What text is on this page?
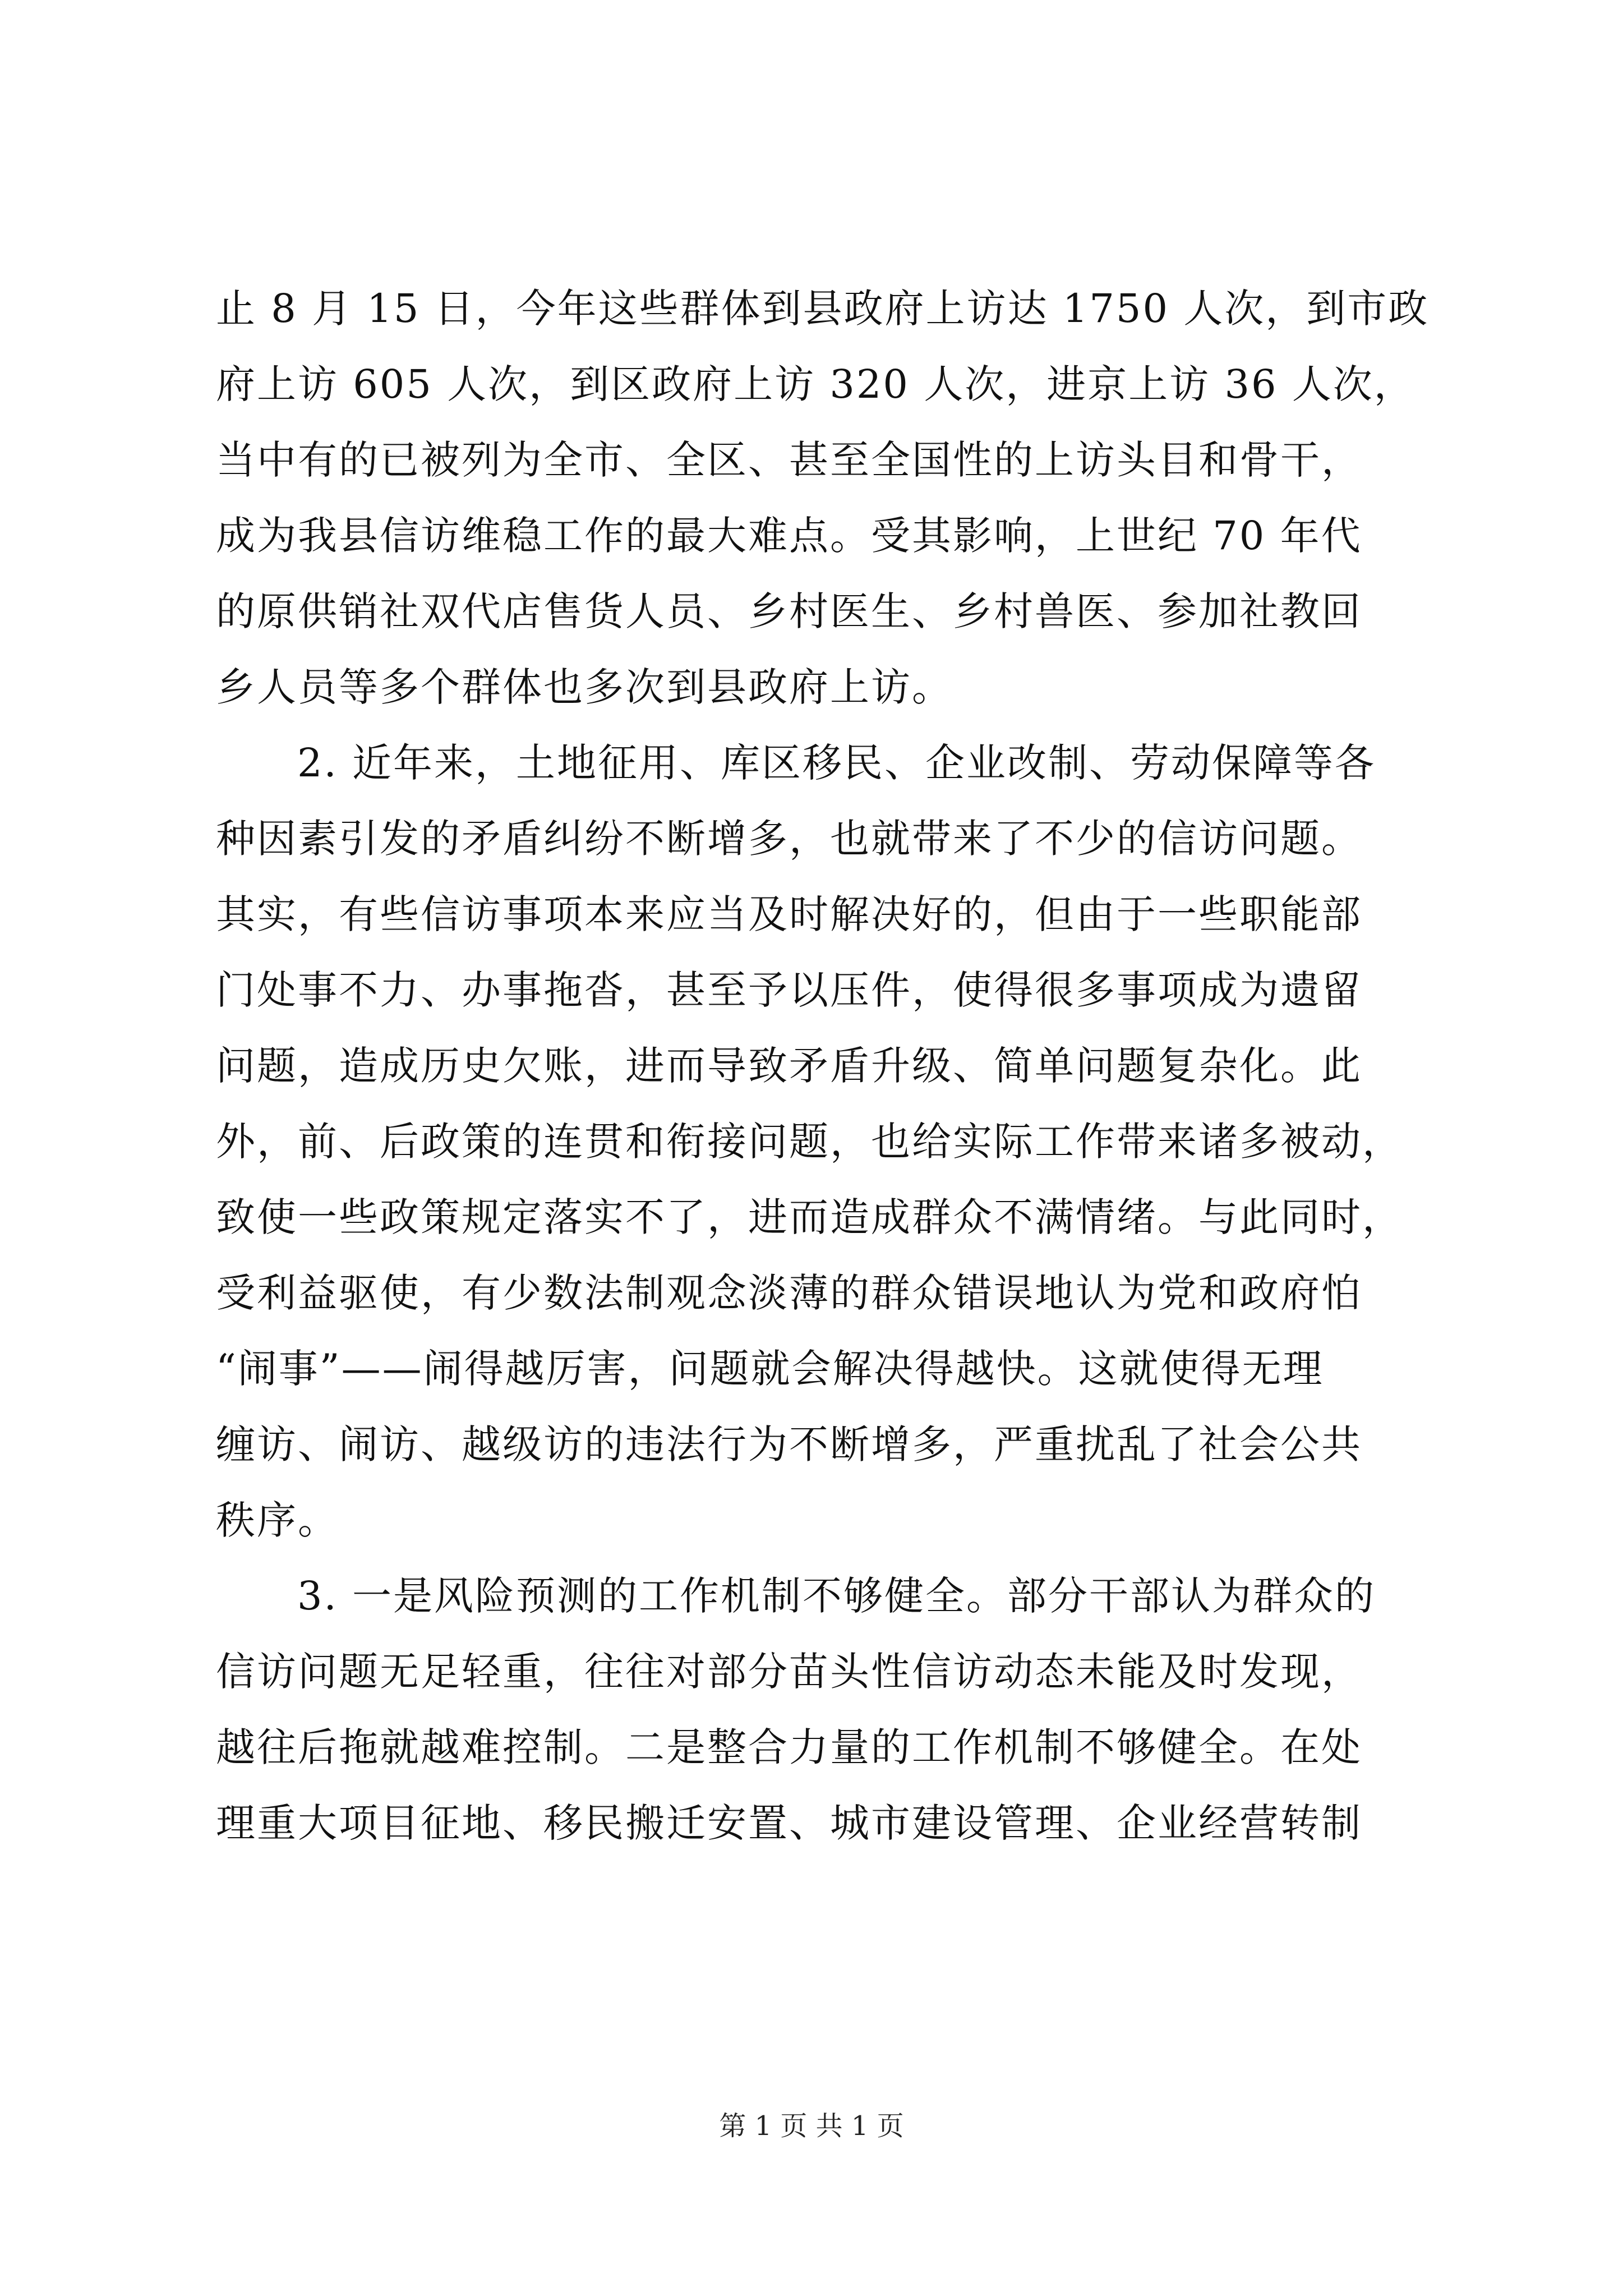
止 8 月 15 日，今年这些群体到县政府上访达 1750 人次，到市政
府上访 605 人次，到区政府上访 320 人次，进京上访 36 人次，
当中有的已被列为全市、全区、甚至全国性的上访头目和骨干，
成为我县信访维稳工作的最大难点。受其影响，上世纪 70 年代
的原供销社双代店售货人员、乡村医生、乡村兽医、参加社教回
乡人员等多个群体也多次到县政府上访。
2. 近年来，土地征用、库区移民、企业改制、劳动保障等各
种因素引发的矛盾纠纷不断增多，也就带来了不少的信访问题。
其实，有些信访事项本来应当及时解决好的，但由于一些职能部
门处事不力、办事拖沓，甚至予以压件，使得很多事项成为遗留
问题，造成历史欠账，进而导致矛盾升级、简单问题复杂化。此
外，前、后政策的连贯和衔接问题，也给实际工作带来诸多被动，
致使一些政策规定落实不了，进而造成群众不满情绪。与此同时，
受利益驱使，有少数法制观念淡薄的群众错误地认为党和政府怕
“闹事”——闹得越厉害，问题就会解决得越快。这就使得无理
缠访、闹访、越级访的违法行为不断增多，严重扰乱了社会公共
秩序。
3. 一是风险预测的工作机制不够健全。部分干部认为群众的
信访问题无足轻重，往往对部分苗头性信访动态未能及时发现，
越往后拖就越难控制。二是整合力量的工作机制不够健全。在处
理重大项目征地、移民搬迁安置、城市建设管理、企业经营转制
第 1 页 共 1 页
